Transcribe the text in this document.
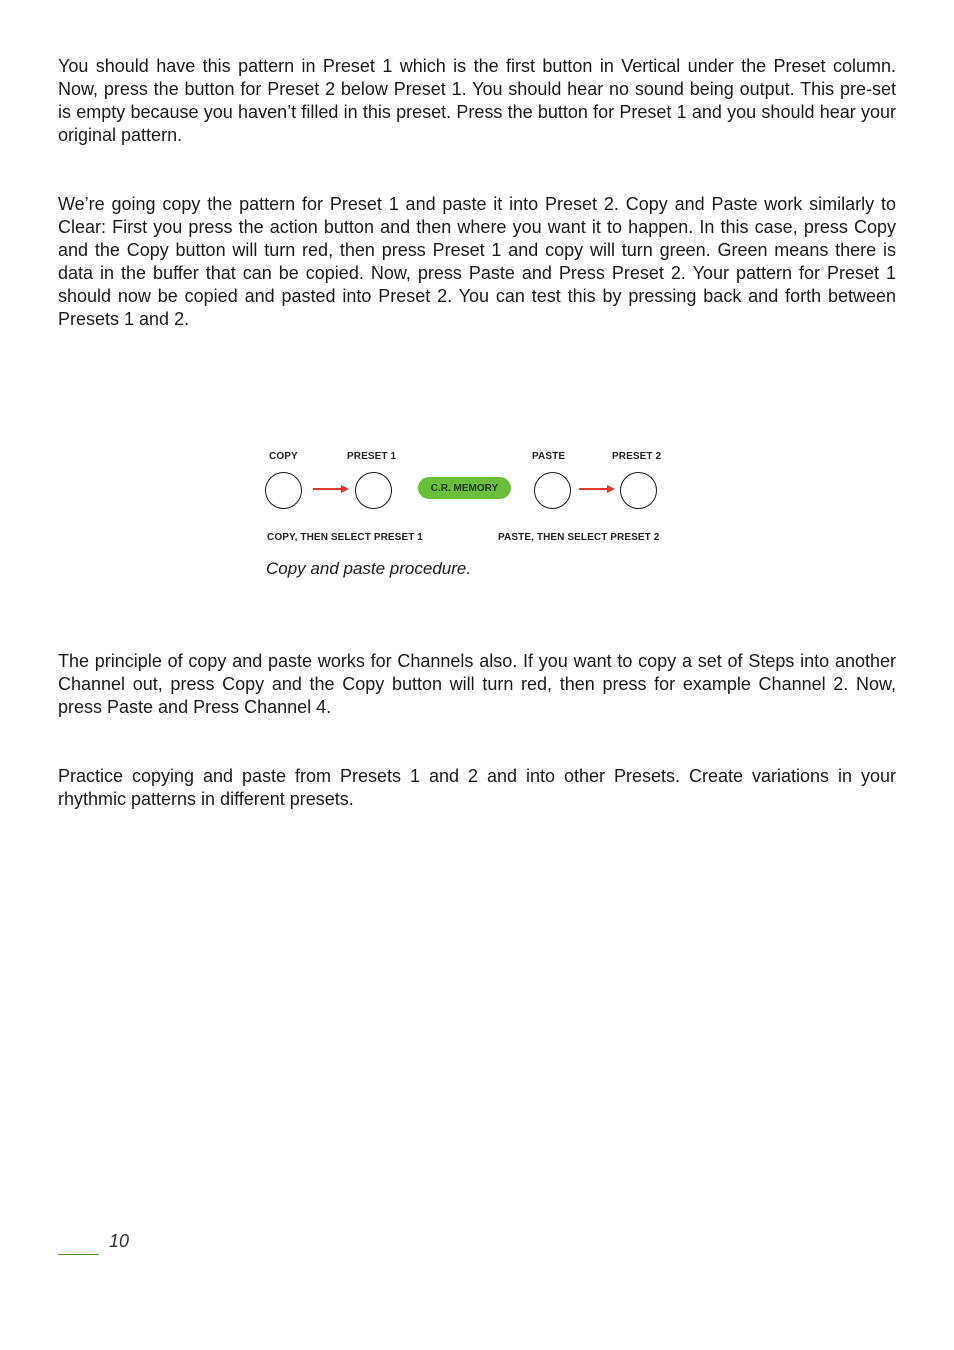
You should have this pattern in Preset 1 which is the first button in Vertical under the Preset column. Now, press the button for Preset 2 below Preset 1. You should hear no sound being output. This pre-set is empty because you haven’t filled in this preset. Press the button for Preset 1 and you should hear your original pattern.

We’re going copy the pattern for Preset 1 and paste it into Preset 2. Copy and Paste work similarly to Clear: First you press the action button and then where you want it to happen. In this case, press Copy and the Copy button will turn red, then press Preset 1 and copy will turn green. Green means there is data in the buffer that can be copied. Now, press Paste and Press Preset 2. Your pattern for Preset 1 should now be copied and pasted into Preset 2. You can test this by pressing back and forth between Presets 1 and 2.

COPY	PRESET 1	PASTE	PRESET 2
C.R. MEMORY
COPY, THEN SELECT PRESET 1	PASTE, THEN SELECT PRESET 2
Copy and paste procedure.

The principle of copy and paste works for Channels also. If you want to copy a set of Steps into another Channel out, press Copy and the Copy button will turn red, then press for example Channel 2. Now, press Paste and Press Channel 4.

Practice copying and paste from Presets 1 and 2 and into other Presets. Create variations in your rhythmic patterns in different presets.

10
